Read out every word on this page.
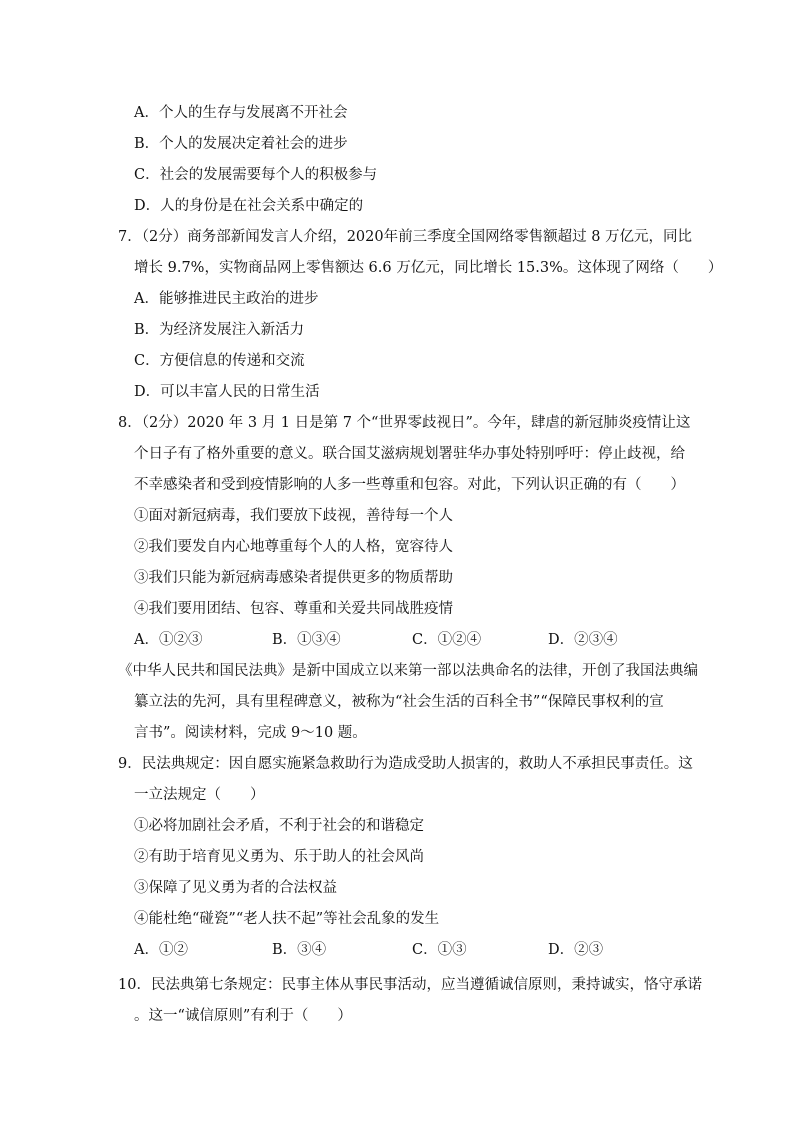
A．个人的生存与发展离不开社会
B．个人的发展决定着社会的进步
C．社会的发展需要每个人的积极参与
D．人的身份是在社会关系中确定的
7．（2分）商务部新闻发言人介绍，2020年前三季度全国网络零售额超过 8 万亿元，同比
增长 9.7%，实物商品网上零售额达 6.6 万亿元，同比增长 15.3%。这体现了网络（　　）
A．能够推进民主政治的进步
B．为经济发展注入新活力
C．方便信息的传递和交流
D．可以丰富人民的日常生活
8．（2分）2020 年 3 月 1 日是第 7 个“世界零歧视日”。今年，肆虐的新冠肺炎疫情让这
个日子有了格外重要的意义。联合国艾滋病规划署驻华办事处特别呼吁：停止歧视，给
不幸感染者和受到疫情影响的人多一些尊重和包容。对此，下列认识正确的有（　　）
①面对新冠病毒，我们要放下歧视，善待每一个人
②我们要发自内心地尊重每个人的人格，宽容待人
③我们只能为新冠病毒感染者提供更多的物质帮助
④我们要用团结、包容、尊重和关爱共同战胜疫情
A．①②③	B．①③④	C．①②④	D．②③④
《中华人民共和国民法典》是新中国成立以来第一部以法典命名的法律，开创了我国法典编
纂立法的先河，具有里程碑意义，被称为“社会生活的百科全书”“保障民事权利的宣
言书”。阅读材料，完成 9～10 题。
9．民法典规定：因自愿实施紧急救助行为造成受助人损害的，救助人不承担民事责任。这
一立法规定（　　）
①必将加剧社会矛盾，不利于社会的和谐稳定
②有助于培育见义勇为、乐于助人的社会风尚
③保障了见义勇为者的合法权益
④能杜绝“碰瓷”“老人扶不起”等社会乱象的发生
A．①②	B．③④	C．①③	D．②③
10．民法典第七条规定：民事主体从事民事活动，应当遵循诚信原则，秉持诚实，恪守承诺
。这一“诚信原则”有利于（　　）
